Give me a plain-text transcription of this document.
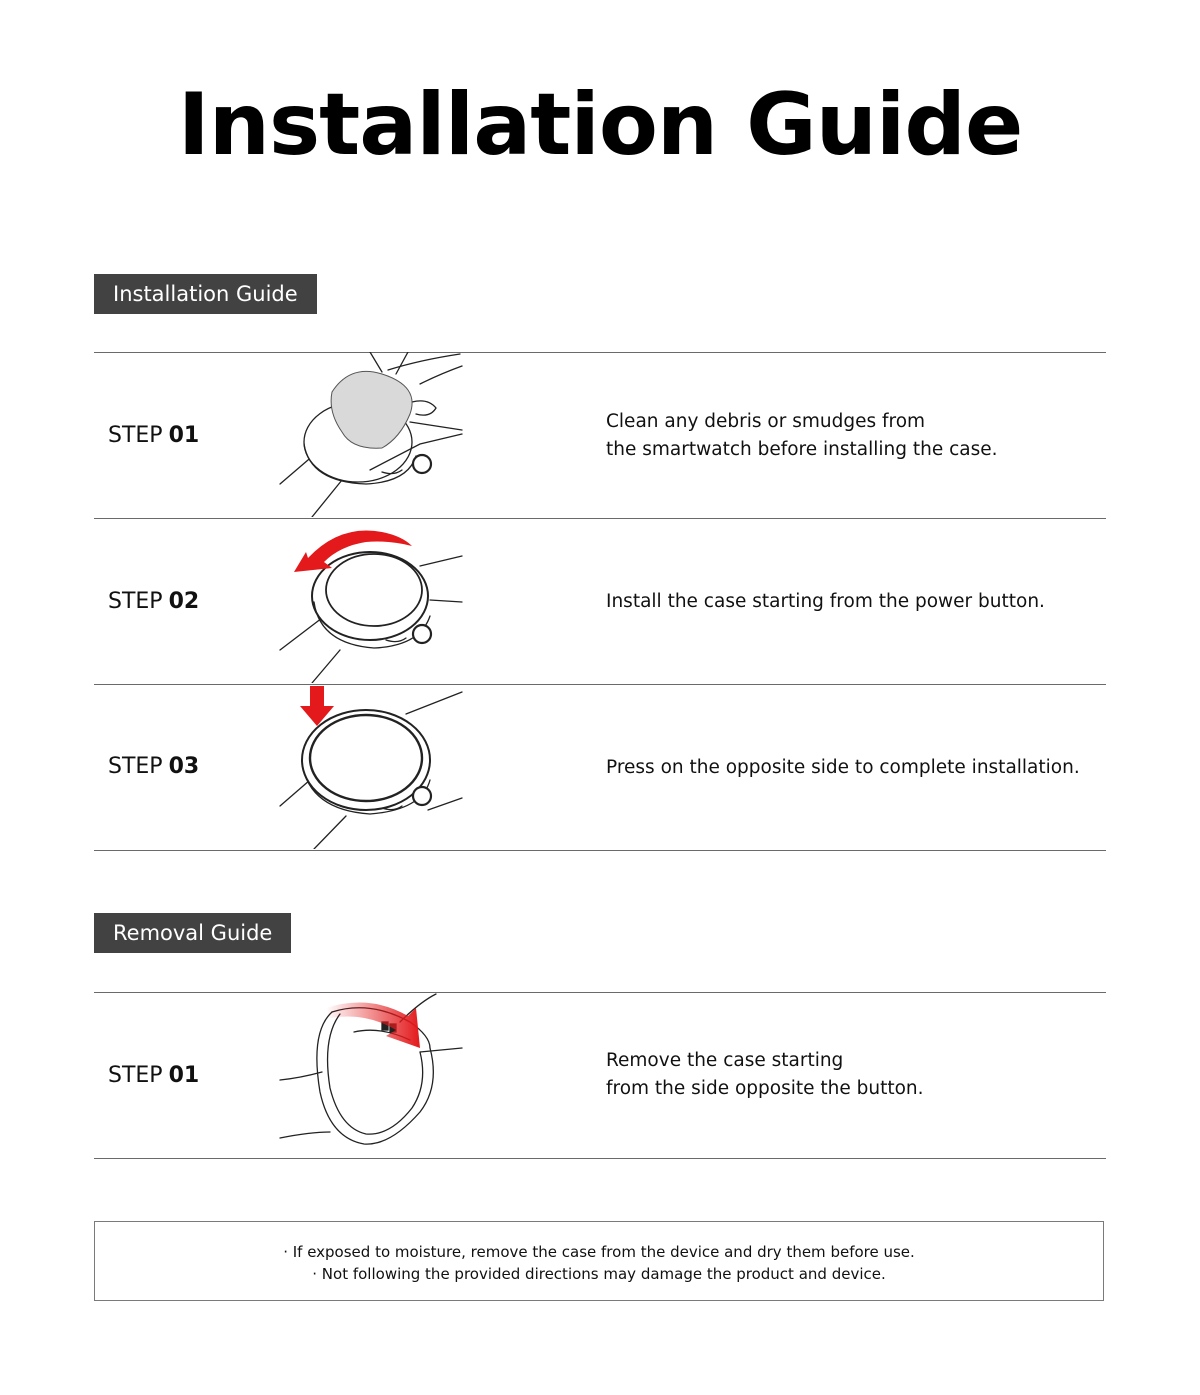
Installation Guide
Installation Guide
STEP 01
Clean any debris or smudges from
the smartwatch before installing the case.
STEP 02	Install the case starting from the power button.
STEP 03	Press on the opposite side to complete installation.
Removal Guide
STEP 01
Remove the case starting
from the side opposite the button.
· If exposed to moisture, remove the case from the device and dry them before use.
· Not following the provided directions may damage the product and device.
